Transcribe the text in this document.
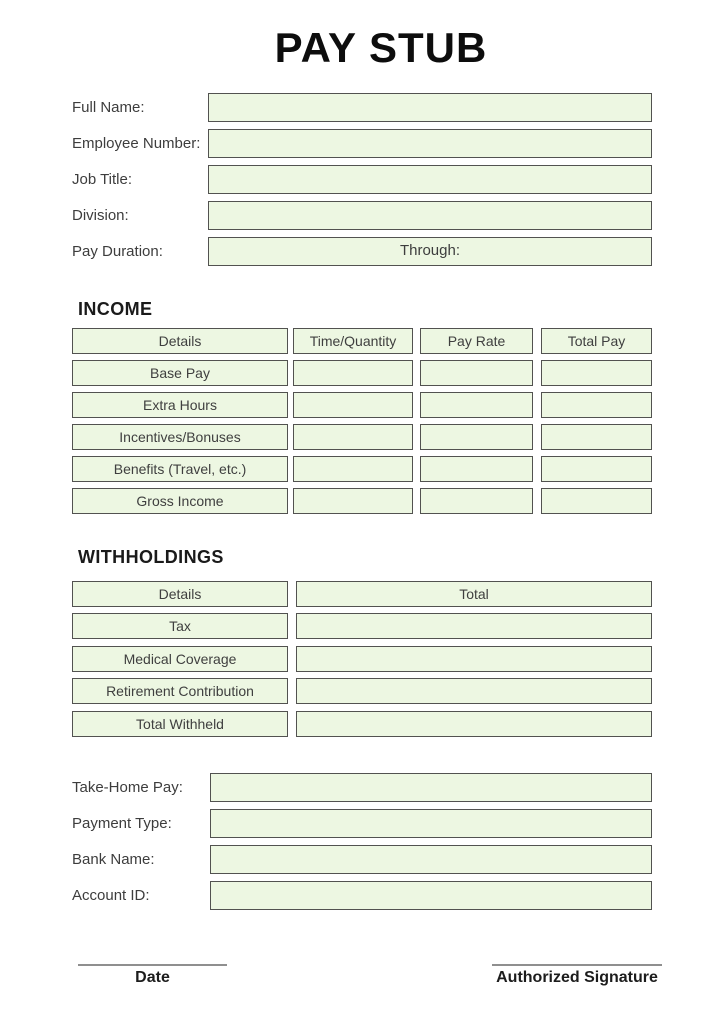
PAY STUB
Full Name:
Employee Number:
Job Title:
Division:
Pay Duration:	Through:
INCOME
Details	Time/Quantity	Pay Rate	Total Pay
Base Pay
Extra Hours
Incentives/Bonuses
Benefits (Travel, etc.)
Gross Income
WITHHOLDINGS
Details	Total
Tax
Medical Coverage
Retirement Contribution
Total Withheld
Take-Home Pay:
Payment Type:
Bank Name:
Account ID:
Date	Authorized Signature
